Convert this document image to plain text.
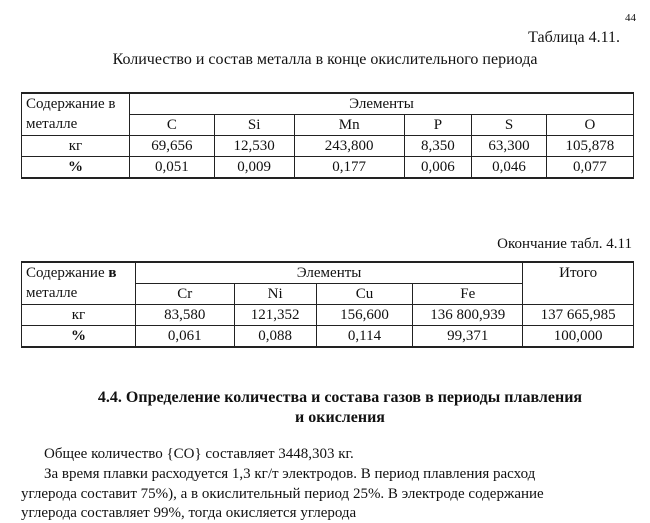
44
Таблица 4.11.
Количество и состав металла в конце окислительного периода
Содержание в металле	Элементы					
	C	Si	Mn	P	S	O
кг	69,656	12,530	243,800	8,350	63,300	105,878
%	0,051	0,009	0,177	0,006	0,046	0,077
Окончание табл. 4.11
Содержание в
металле	Элементы				Итого
	Cr	Ni	Cu	Fe	
кг	83,580	121,352	156,600	136 800,939	137 665,985
%	0,061	0,088	0,114	99,371	100,000
4.4. Определение количества и состава газов в периоды плавления
и окисления
Общее количество {CO} составляет 3448,303 кг.
За время плавки расходуется 1,3 кг/т электродов. В период плавления расход
углерода составит 75%), а в окислительный период 25%. В электроде содержание
углерода составляет 99%, тогда окисляется углерода
